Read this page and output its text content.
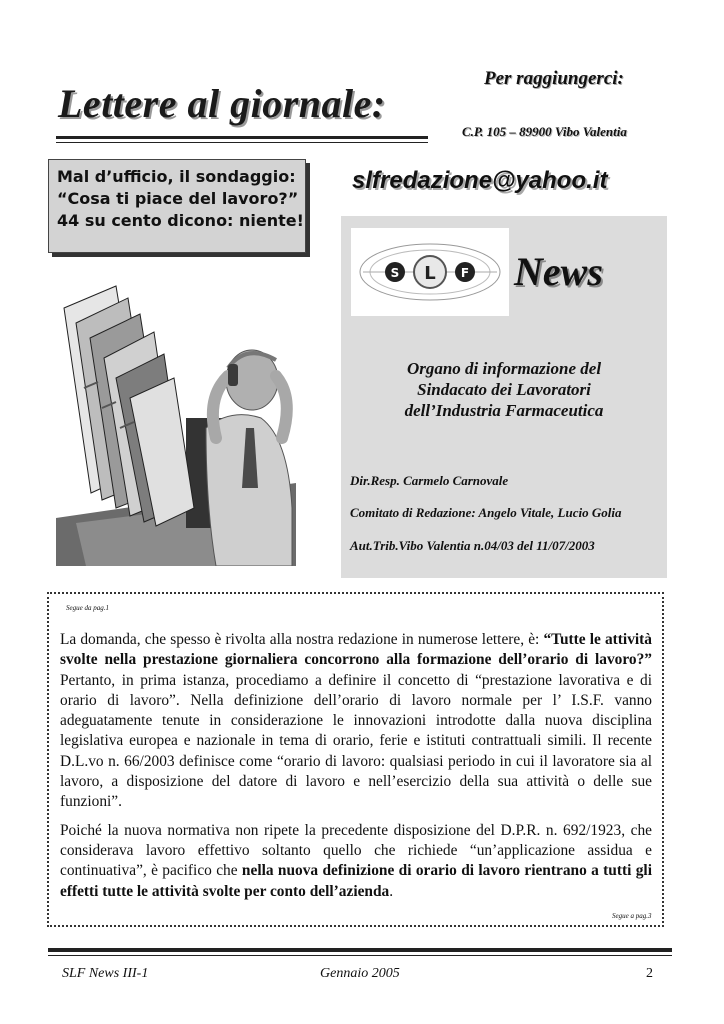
Lettere al giornale:
Per raggiungerci:
C.P. 105 – 89900 Vibo Valentia
slfredazione@yahoo.it
Mal d’ufficio, il sondaggio:
“Cosa ti piace del lavoro?”
44 su cento dicono: niente!
S L F News
Organo di informazione del
Sindacato dei Lavoratori
dell’Industria Farmaceutica
Dir.Resp. Carmelo Carnovale
Comitato di Redazione: Angelo Vitale, Lucio Golia
Aut.Trib.Vibo Valentia n.04/03 del 11/07/2003
Segue da pag.1

La domanda, che spesso è rivolta alla nostra redazione in numerose lettere, è: “Tutte le attività svolte nella prestazione giornaliera concorrono alla formazione dell’orario di lavoro?” Pertanto, in prima istanza, procediamo a definire il concetto di “prestazione lavorativa e di orario di lavoro”. Nella definizione dell’orario di lavoro normale per l’ I.S.F. vanno adeguatamente tenute in considerazione le innovazioni introdotte dalla nuova disciplina legislativa europea e nazionale in tema di orario, ferie e istituti contrattuali simili. Il recente D.L.vo n. 66/2003 definisce come “orario di lavoro: qualsiasi periodo in cui il lavoratore sia al lavoro, a disposizione del datore di lavoro e nell’esercizio della sua attività o delle sue funzioni”.

Poiché la nuova normativa non ripete la precedente disposizione del D.P.R. n. 692/1923, che considerava lavoro effettivo soltanto quello che richiede “un’applicazione assidua e continuativa”, è pacifico che nella nuova definizione di orario di lavoro rientrano a tutti gli effetti tutte le attività svolte per conto dell’azienda.

Segue a pag.3
SLF News III-1	Gennaio 2005	2
